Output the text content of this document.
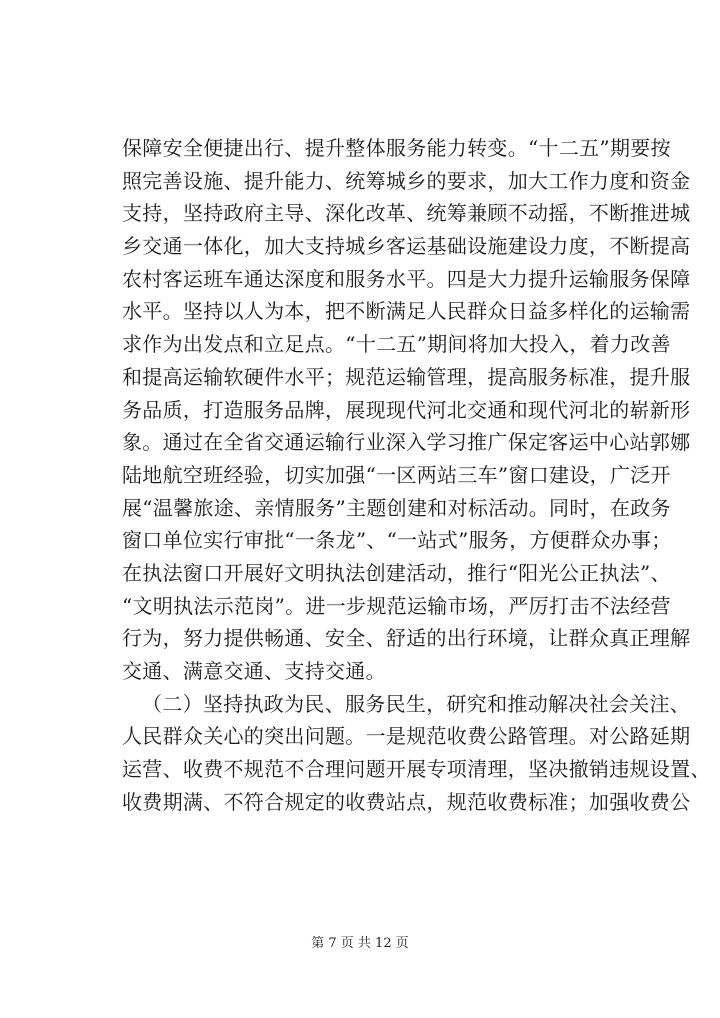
保障安全便捷出行、提升整体服务能力转变。“十二五”期要按
照完善设施、提升能力、统筹城乡的要求，加大工作力度和资金
支持，坚持政府主导、深化改革、统筹兼顾不动摇，不断推进城
乡交通一体化，加大支持城乡客运基础设施建设力度，不断提高
农村客运班车通达深度和服务水平。四是大力提升运输服务保障
水平。坚持以人为本，把不断满足人民群众日益多样化的运输需
求作为出发点和立足点。“十二五”期间将加大投入，着力改善
和提高运输软硬件水平；规范运输管理，提高服务标准，提升服
务品质，打造服务品牌，展现现代河北交通和现代河北的崭新形
象。通过在全省交通运输行业深入学习推广保定客运中心站郭娜
陆地航空班经验，切实加强“一区两站三车”窗口建设，广泛开
展“温馨旅途、亲情服务”主题创建和对标活动。同时，在政务
窗口单位实行审批“一条龙”、“一站式”服务，方便群众办事；
在执法窗口开展好文明执法创建活动，推行“阳光公正执法”、
“文明执法示范岗”。进一步规范运输市场，严厉打击不法经营
行为，努力提供畅通、安全、舒适的出行环境，让群众真正理解
交通、满意交通、支持交通。
（二）坚持执政为民、服务民生，研究和推动解决社会关注、
人民群众关心的突出问题。一是规范收费公路管理。对公路延期
运营、收费不规范不合理问题开展专项清理，坚决撤销违规设置、
收费期满、不符合规定的收费站点，规范收费标准；加强收费公
第 7 页 共 12 页
